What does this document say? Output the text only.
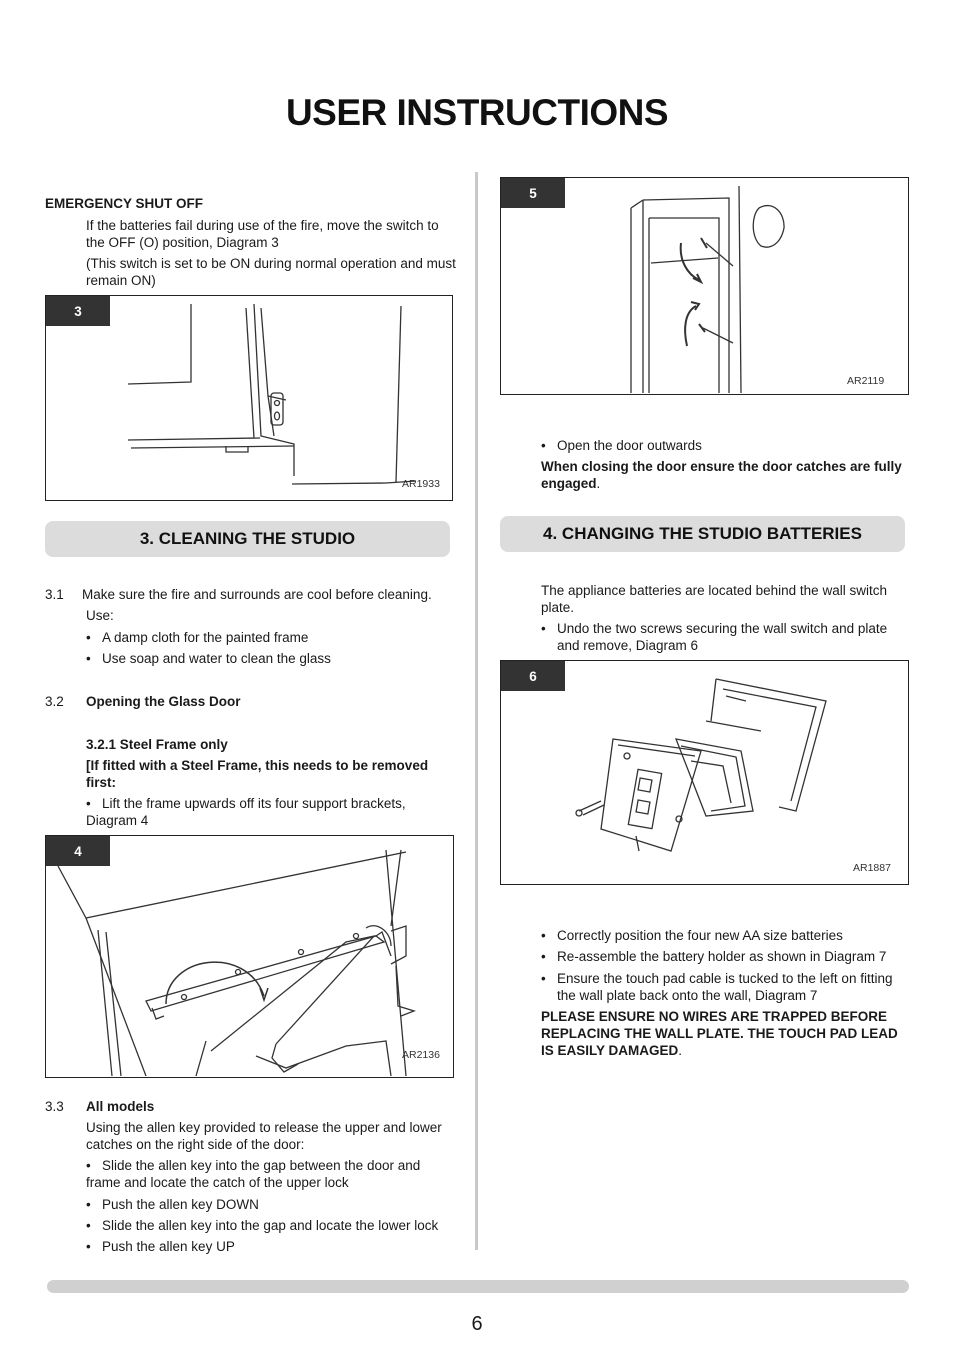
USER INSTRUCTIONS
EMERGENCY SHUT OFF
If the batteries fail during use of the fire, move the switch to the OFF (O) position, Diagram 3
(This switch is set to be ON during normal operation and must remain ON)
3
AR1933
3. CLEANING THE STUDIO
3.1 Make sure the fire and surrounds are cool before cleaning.
Use:
• A damp cloth for the painted frame
• Use soap and water to clean the glass
3.2 Opening the Glass Door
3.2.1 Steel Frame only
[If fitted with a Steel Frame, this needs to be removed first:
• Lift the frame upwards off its four support brackets, Diagram 4
4
AR2136
3.3 All models
Using the allen key provided to release the upper and lower catches on the right side of the door:
• Slide the allen key into the gap between the door and frame and locate the catch of the upper lock
• Push the allen key DOWN
• Slide the allen key into the gap and locate the lower lock
• Push the allen key UP
5
AR2119
• Open the door outwards
When closing the door ensure the door catches are fully engaged.
4. CHANGING THE STUDIO BATTERIES
The appliance batteries are located behind the wall switch plate.
• Undo the two screws securing the wall switch and plate and remove, Diagram 6
6
AR1887
• Correctly position the four new AA size batteries
• Re-assemble the battery holder as shown in Diagram 7
• Ensure the touch pad cable is tucked to the left on fitting the wall plate back onto the wall, Diagram 7
PLEASE ENSURE NO WIRES ARE TRAPPED BEFORE REPLACING THE WALL PLATE. THE TOUCH PAD LEAD IS EASILY DAMAGED.
6
